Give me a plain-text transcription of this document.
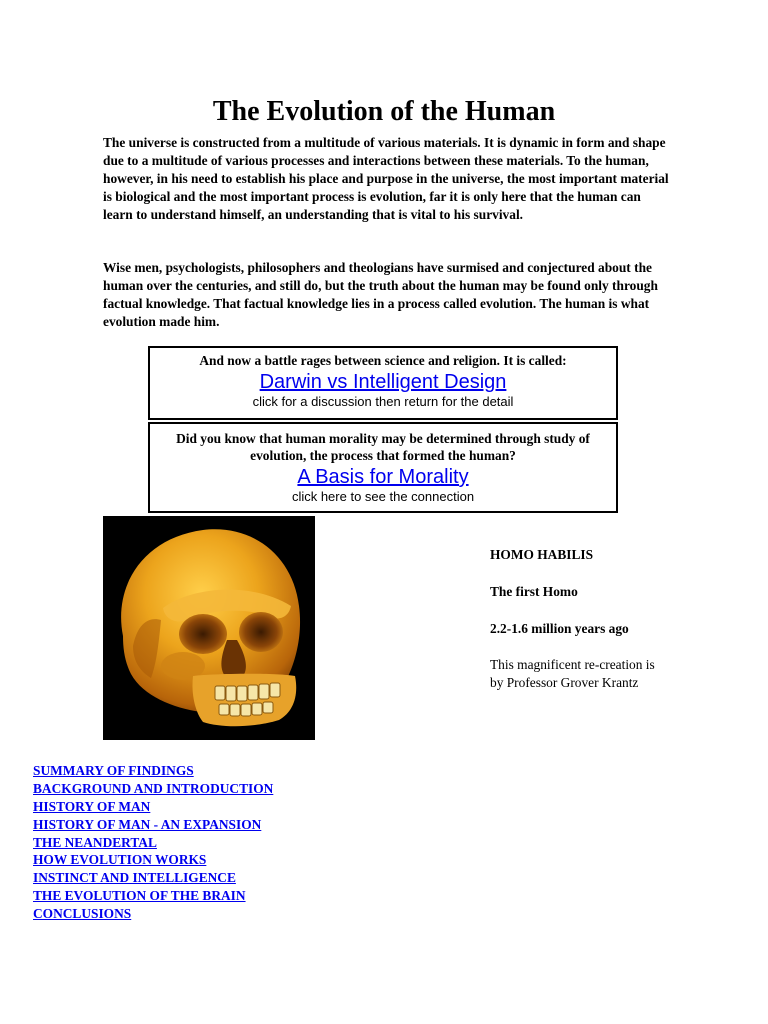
The Evolution of the Human

The universe is constructed from a multitude of various materials. It is dynamic in form and shape due to a multitude of various processes and interactions between these materials. To the human, however, in his need to establish his place and purpose in the universe, the most important material is biological and the most important process is evolution, far it is only here that the human can learn to understand himself, an understanding that is vital to his survival.

Wise men, psychologists, philosophers and theologians have surmised and conjectured about the human over the centuries, and still do, but the truth about the human may be found only through factual knowledge. That factual knowledge lies in a process called evolution. The human is what evolution made him.

And now a battle rages between science and religion. It is called:

Darwin vs Intelligent Design

click for a discussion then return for the detail

Did you know that human morality may be determined through study of evolution, the process that formed the human?

A Basis for Morality

click here to see the connection

HOMO HABILIS

The first Homo

2.2-1.6 million years ago

This magnificent re-creation is by Professor Grover Krantz

SUMMARY OF FINDINGS
BACKGROUND AND INTRODUCTION
HISTORY OF MAN
HISTORY OF MAN - AN EXPANSION
THE NEANDERTAL
HOW EVOLUTION WORKS
INSTINCT AND INTELLIGENCE
THE EVOLUTION OF THE BRAIN
CONCLUSIONS
